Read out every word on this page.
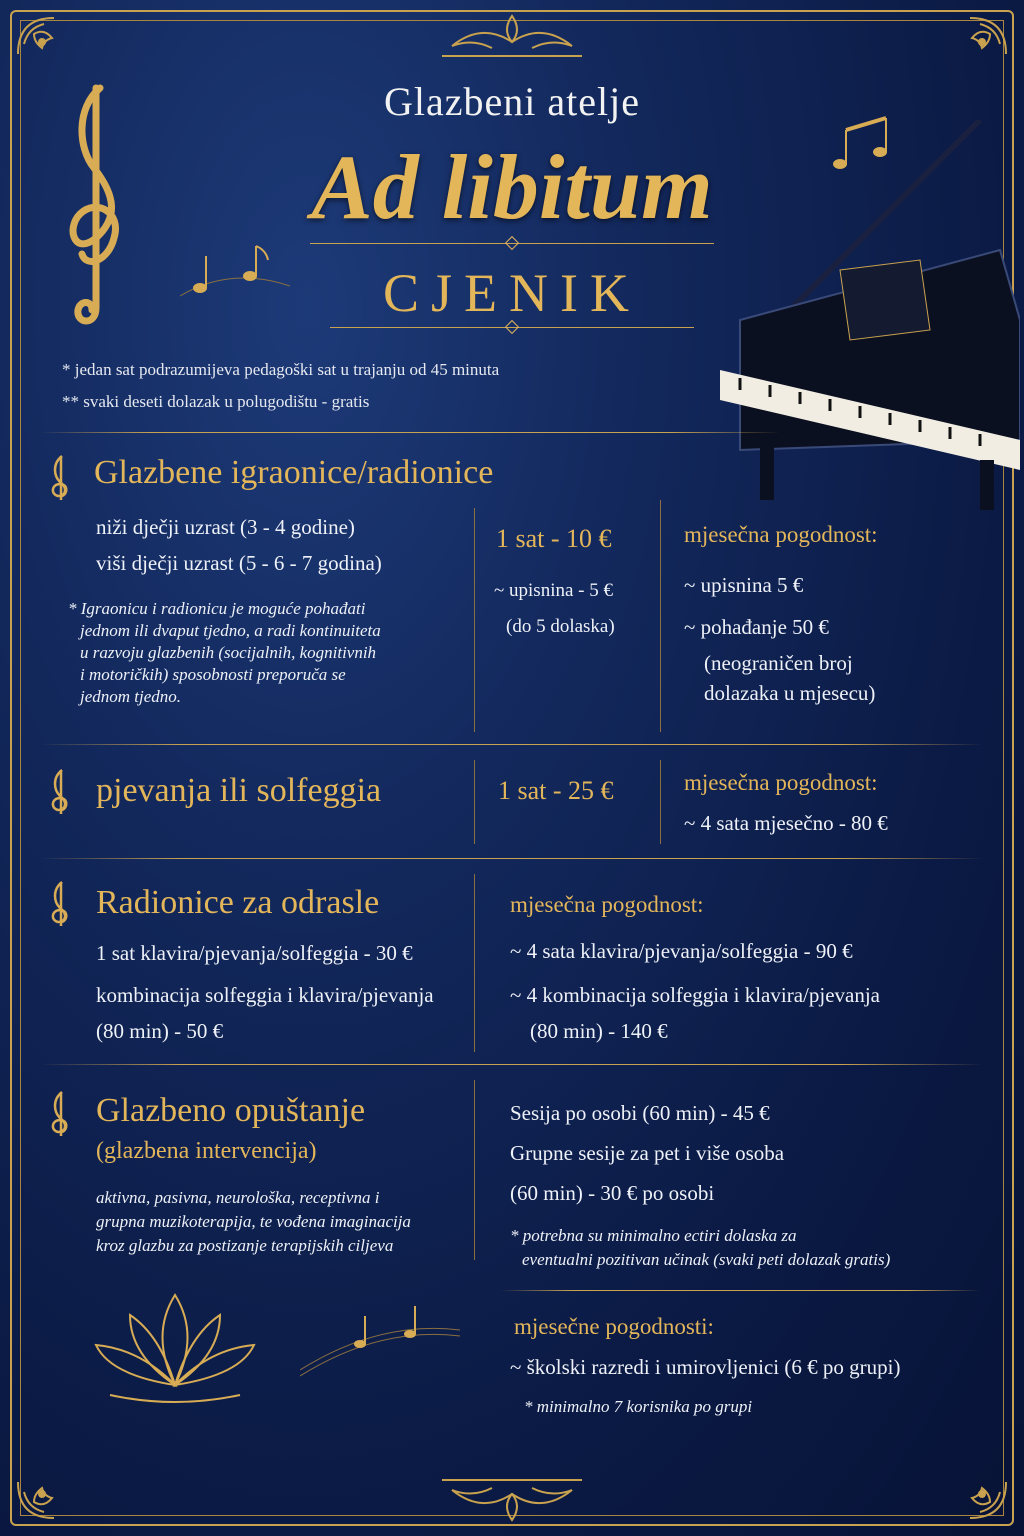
Glazbeni atelje
Ad libitum
CJENIK
* jedan sat podrazumijeva pedagoški sat u trajanju od 45 minuta
** svaki deseti dolazak u polugodištu - gratis
Glazbene igraonice/radionice
niži dječji uzrast (3 - 4 godine)
viši dječji uzrast (5 - 6 - 7 godina)
* Igraonicu i radionicu je moguće pohađati
jednom ili dvaput tjedno, a radi kontinuiteta
u razvoju glazbenih (socijalnih, kognitivnih
i motoričkih) sposobnosti preporuča se
jednom tjedno.
1 sat - 10 €
~ upisnina - 5 €
(do 5 dolaska)
mjesečna pogodnost:
~ upisnina 5 €
~ pohađanje 50 €
(neograničen broj
dolazaka u mjesecu)
pjevanja ili solfeggia	1 sat - 25 €	mjesečna pogodnost:
~ 4 sata mjesečno - 80 €
Radionice za odrasle
1 sat klavira/pjevanja/solfeggia - 30 €
kombinacija solfeggia i klavira/pjevanja
(80 min) - 50 €
mjesečna pogodnost:
~ 4 sata klavira/pjevanja/solfeggia - 90 €
~ 4 kombinacija solfeggia i klavira/pjevanja
(80 min) - 140 €
Glazbeno opuštanje
(glazbena intervencija)
aktivna, pasivna, neurološka, receptivna i
grupna muzikoterapija, te vođena imaginacija
kroz glazbu za postizanje terapijskih ciljeva
Sesija po osobi (60 min) - 45 €
Grupne sesije za pet i više osoba
(60 min) - 30 € po osobi
* potrebna su minimalno ectiri dolaska za
eventualni pozitivan učinak (svaki peti dolazak gratis)
mjesečne pogodnosti:
~ školski razredi i umirovljenici (6 € po grupi)
* minimalno 7 korisnika po grupi
